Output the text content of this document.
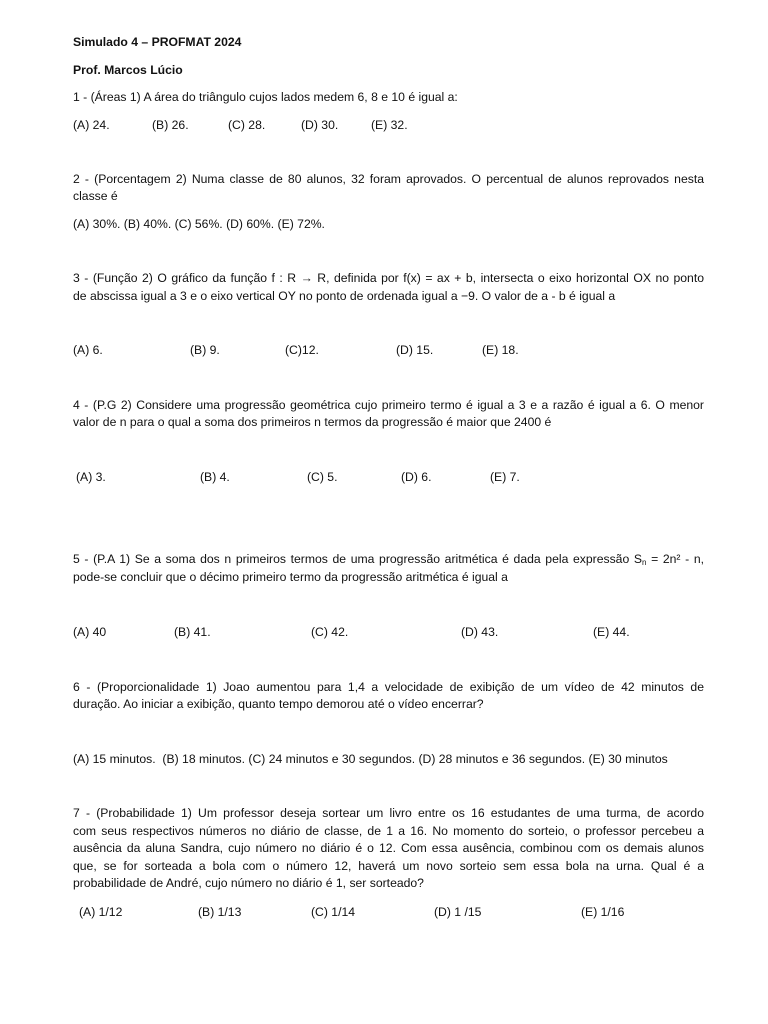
Simulado 4 – PROFMAT 2024
Prof. Marcos Lúcio
1 - (Áreas 1) A área do triângulo cujos lados medem 6, 8 e 10 é igual a:
(A) 24.	(B) 26.	(C) 28.	(D) 30.	(E) 32.
2 - (Porcentagem 2) Numa classe de 80 alunos, 32 foram aprovados. O percentual de alunos reprovados nesta
classe é
(A) 30%. (B) 40%. (C) 56%. (D) 60%. (E) 72%.
3 - (Função 2) O gráfico da função f : R → R, definida por f(x) = ax + b, intersecta o eixo horizontal OX no ponto
de abscissa igual a 3 e o eixo vertical OY no ponto de ordenada igual a −9. O valor de a - b é igual a
(A) 6.	(B) 9.	(C)12.	(D) 15.	(E) 18.
4 - (P.G 2) Considere uma progressão geométrica cujo primeiro termo é igual a 3 e a razão é igual a 6. O menor
valor de n para o qual a soma dos primeiros n termos da progressão é maior que 2400 é
(A) 3.	(B) 4.	(C) 5.	(D) 6.	(E) 7.
5 - (P.A 1) Se a soma dos n primeiros termos de uma progressão aritmética é dada pela expressão $S_n = 2n^2 - n$,
pode-se concluir que o décimo primeiro termo da progressão aritmética é igual a
(A) 40	(B) 41.	(C) 42.	(D) 43.	(E) 44.
6 - (Proporcionalidade 1) Joao aumentou para 1,4 a velocidade de exibição de um vídeo de 42 minutos de
duração. Ao iniciar a exibição, quanto tempo demorou até o vídeo encerrar?
(A) 15 minutos.  (B) 18 minutos. (C) 24 minutos e 30 segundos. (D) 28 minutos e 36 segundos. (E) 30 minutos
7 - (Probabilidade 1) Um professor deseja sortear um livro entre os 16 estudantes de uma turma, de acordo
com seus respectivos números no diário de classe, de 1 a 16. No momento do sorteio, o professor percebeu a
ausência da aluna Sandra, cujo número no diário é o 12. Com essa ausência, combinou com os demais alunos
que, se for sorteada a bola com o número 12, haverá um novo sorteio sem essa bola na urna. Qual é a
probabilidade de André, cujo número no diário é 1, ser sorteado?
(A) 1/12	(B) 1/13	(C) 1/14	(D) 1 /15	(E) 1/16
